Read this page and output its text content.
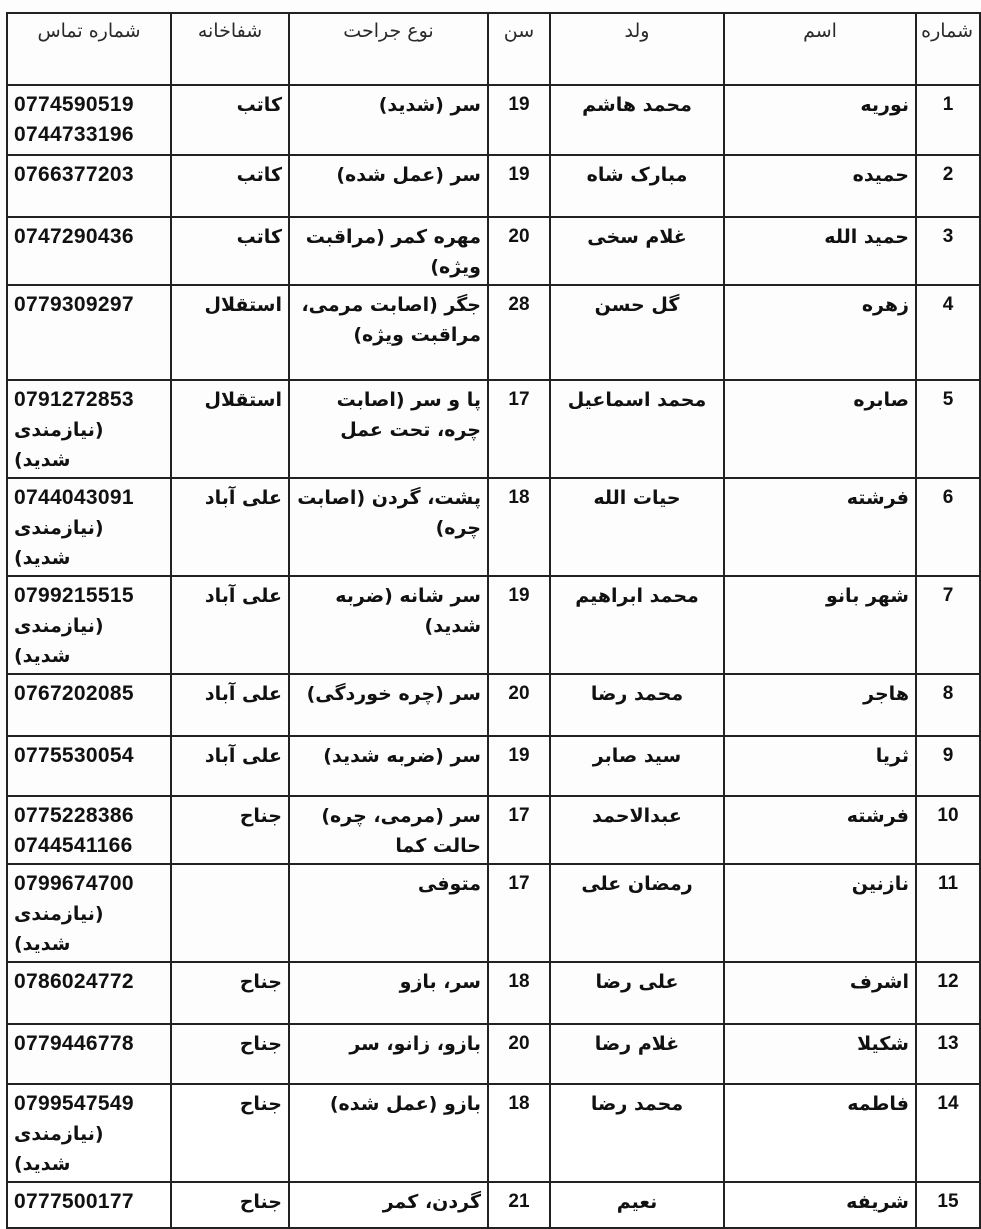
شماره	اسم	ولد	سن	نوع جراحت	شفاخانه	شماره تماس
1	نوریه	محمد هاشم	19	سر (شدید)	کاتب	0774590519
0744733196

2	حمیده	مبارک شاه	19	سر (عمل شده)	کاتب	0766377203

3	حمید الله	غلام سخی	20	مهره کمر (مراقبت ویژه)	کاتب	0747290436

4	زهره	گل حسن	28	جگر (اصابت مرمی، مراقبت ویژه)	استقلال	0779309297

5	صابره	محمد اسماعیل	17	پا و سر (اصابت چره، تحت عمل	استقلال	0791272853
(نیازمندی شدید)

6	فرشته	حیات الله	18	پشت، گردن (اصابت چره)	علی آباد	0744043091
(نیازمندی شدید)

7	شهر بانو	محمد ابراهیم	19	سر شانه (ضربه شدید)	علی آباد	0799215515
(نیازمندی شدید)

8	هاجر	محمد رضا	20	سر (چره خوردگی)	علی آباد	0767202085

9	ثریا	سید صابر	19	سر (ضربه شدید)	علی آباد	0775530054

10	فرشته	عبدالاحمد	17	سر (مرمی، چره) حالت کما	جناح	0775228386
0744541166

11	نازنین	رمضان علی	17	متوفی		0799674700
(نیازمندی شدید)

12	اشرف	علی رضا	18	سر، بازو	جناح	0786024772

13	شکیلا	غلام رضا	20	بازو، زانو، سر	جناح	0779446778

14	فاطمه	محمد رضا	18	بازو (عمل شده)	جناح	0799547549
(نیازمندی شدید)

15	شریفه	نعیم	21	گردن، کمر	جناح	0777500177
